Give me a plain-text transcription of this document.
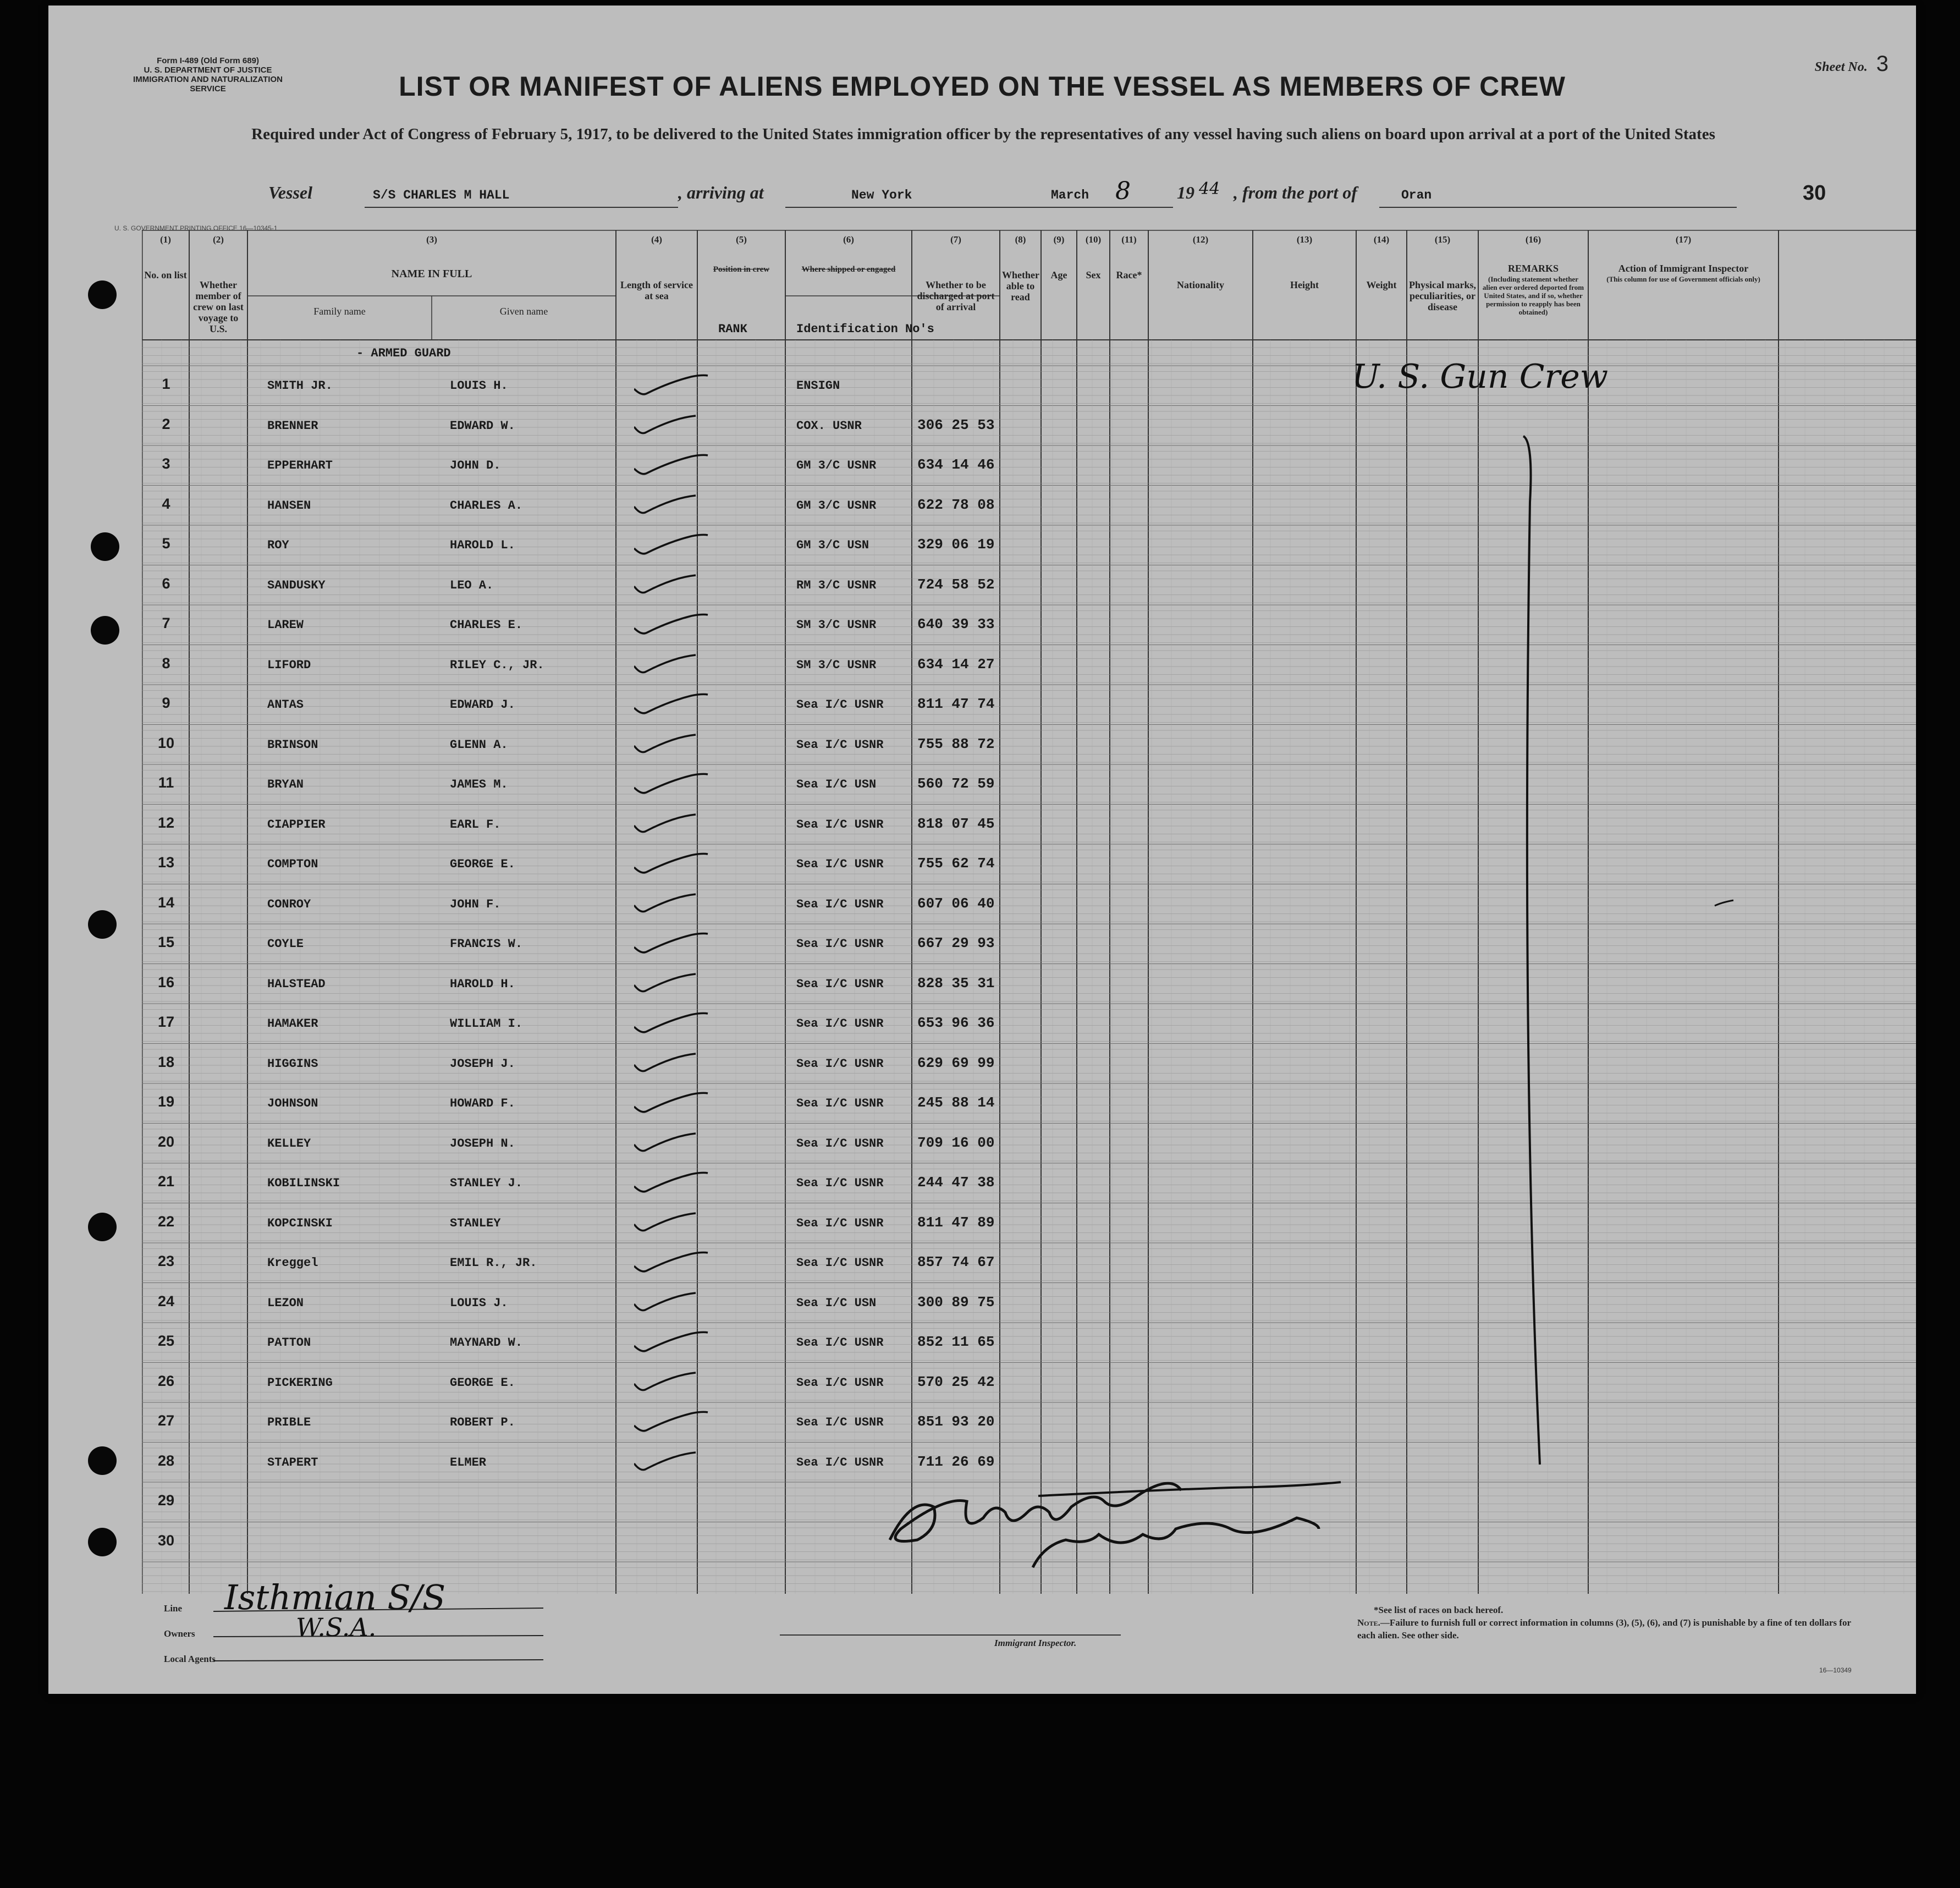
Form I-489 (Old Form 689)
U. S. DEPARTMENT OF JUSTICE
IMMIGRATION AND NATURALIZATION SERVICE
Sheet No. 3
LIST OR MANIFEST OF ALIENS EMPLOYED ON THE VESSEL AS MEMBERS OF CREW
Required under Act of Congress of February 5, 1917, to be delivered to the United States immigration officer by the representatives of any vessel having such aliens on board upon arrival at a port of the United States
Vessel	S/S CHARLES M HALL	, arriving at	New York	March 8	19 44 , from the port of	Oran	30
U. S. GOVERNMENT PRINTING OFFICE 16—10345-1
(1)
No. on list
(2)
Whether member of crew on last voyage to U.S.
(3)
NAME IN FULL
Family name	Given name
(4)
Length of service at sea
(5)
Position in crew
RANK
(6)
Where shipped or engaged
Identification No's
(7)
Whether to be discharged at port of arrival
(8)
Whether able to read
(9)
Age
(10)
Sex
(11)
Race*
(12)
Nationality
(13)
Height
(14)
Weight
(15)
Physical marks, peculiarities, or disease
(16)
REMARKS
(Including statement whether alien ever ordered deported from United States, and if so, whether permission to reapply has been obtained)
(17)
Action of Immigrant Inspector
(This column for use of Government officials only)
- ARMED GUARD
1	SMITH JR.	LOUIS H.	ENSIGN
2	BRENNER	EDWARD W.	COX. USNR	306 25 53
3	EPPERHART	JOHN D.	GM 3/C USNR	634 14 46
4	HANSEN	CHARLES A.	GM 3/C USNR	622 78 08
5	ROY	HAROLD L.	GM 3/C USN	329 06 19
6	SANDUSKY	LEO A.	RM 3/C USNR	724 58 52
7	LAREW	CHARLES E.	SM 3/C USNR	640 39 33
8	LIFORD	RILEY C., JR.	SM 3/C USNR	634 14 27
9	ANTAS	EDWARD J.	Sea I/C USNR 811 47 74
10	BRINSON	GLENN A.	Sea I/C USNR 755 88 72
11	BRYAN	JAMES M.	Sea I/C USN	560 72 59
12	CIAPPIER	EARL F.	Sea I/C USNR 818 07 45
13	COMPTON	GEORGE E.	Sea I/C USNR 755 62 74
14	CONROY	JOHN F.	Sea I/C USNR 607 06 40
15	COYLE	FRANCIS W.	Sea I/C USNR 667 29 93
16	HALSTEAD	HAROLD H.	Sea I/C USNR 828 35 31
17	HAMAKER	WILLIAM I.	Sea I/C USNR 653 96 36
18	HIGGINS	JOSEPH J.	Sea I/C USNR 629 69 99
19	JOHNSON	HOWARD F.	Sea I/C USNR 245 88 14
20	KELLEY	JOSEPH N.	Sea I/C USNR 709 16 00
21	KOBILINSKI	STANLEY J.	Sea I/C USNR 244 47 38
22	KOPCINSKI	STANLEY	Sea I/C USNR 811 47 89
23	Kreggel	EMIL R., JR.	Sea I/C USNR 857 74 67
24	LEZON	LOUIS J.	Sea I/C USN	300 89 75
25	PATTON	MAYNARD W.	Sea I/C USNR 852 11 65
26	PICKERING	GEORGE E.	Sea I/C USNR 570 25 42
27	PRIBLE	ROBERT P.	Sea I/C USNR 851 93 20
28	STAPERT	ELMER	Sea I/C USNR 711 26 69
29
30
U. S. Gun Crew
Line Isthmian S/S
Owners	W.S.A.
Local Agents
Immigrant Inspector.
*See list of races on back hereof.
Note.—Failure to furnish full or correct information in columns (3), (5), (6), and (7) is punishable by a fine of ten dollars for each alien. See other side.
16—10349
